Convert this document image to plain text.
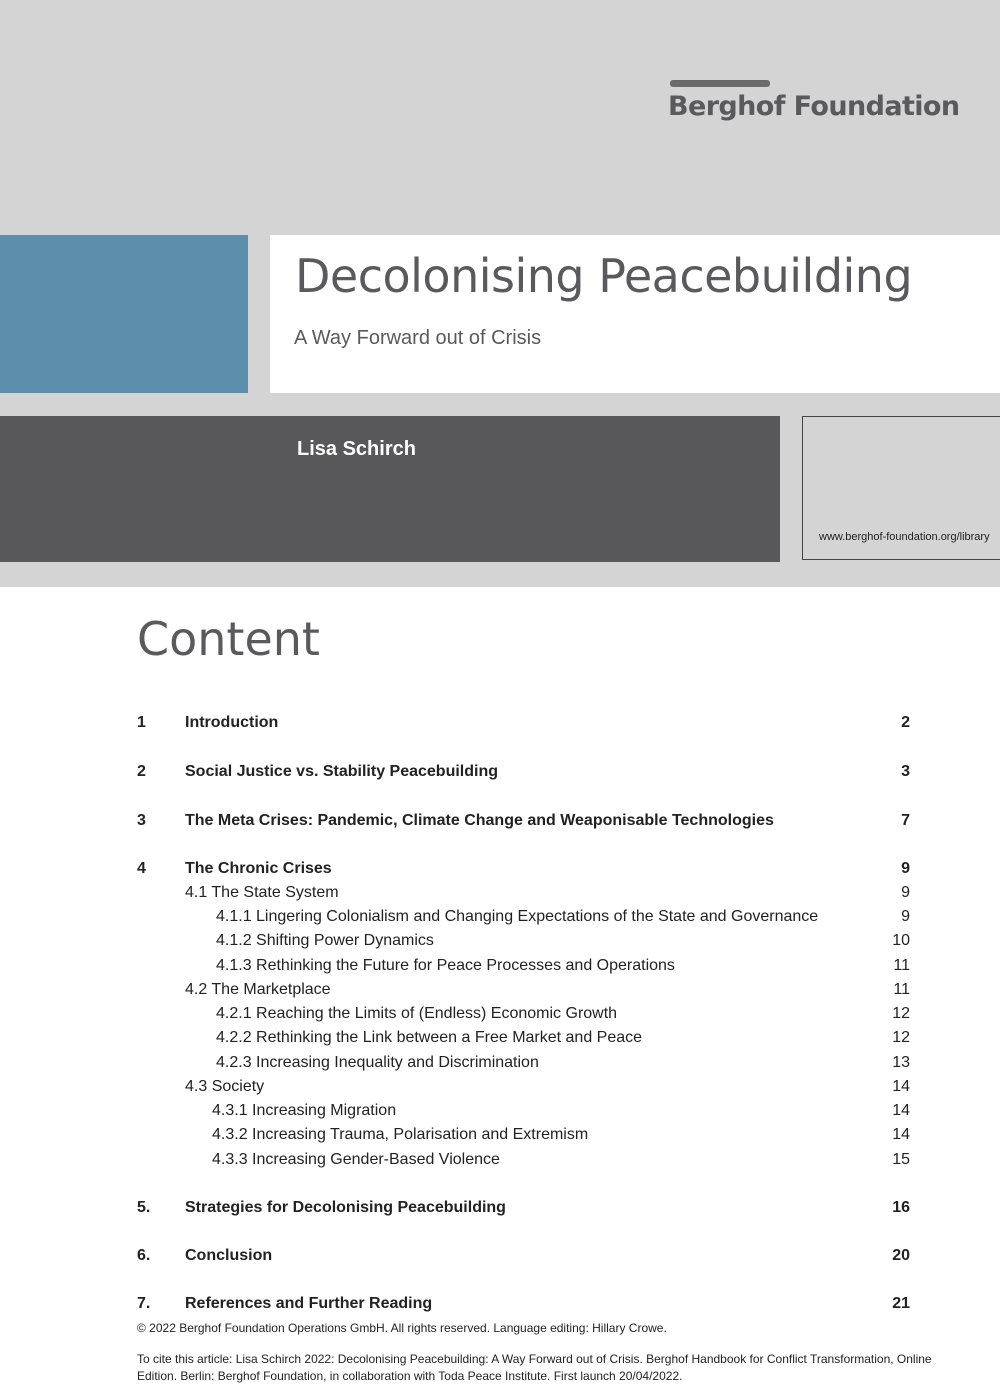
Berghof Foundation
Decolonising Peacebuilding
A Way Forward out of Crisis
Lisa Schirch
www.berghof-foundation.org/library
Content
1 Introduction	2
2 Social Justice vs. Stability Peacebuilding	3
3 The Meta Crises: Pandemic, Climate Change and Weaponisable Technologies	7
4 The Chronic Crises	9
4.1 The State System	9
4.1.1 Lingering Colonialism and Changing Expectations of the State and Governance	9
4.1.2 Shifting Power Dynamics	10
4.1.3 Rethinking the Future for Peace Processes and Operations	11
4.2 The Marketplace	11
4.2.1 Reaching the Limits of (Endless) Economic Growth	12
4.2.2 Rethinking the Link between a Free Market and Peace	12
4.2.3 Increasing Inequality and Discrimination	13
4.3 Society	14
4.3.1 Increasing Migration	14
4.3.2 Increasing Trauma, Polarisation and Extremism	14
4.3.3 Increasing Gender-Based Violence	15
5. Strategies for Decolonising Peacebuilding	16
6. Conclusion	20
7. References and Further Reading	21
© 2022 Berghof Foundation Operations GmbH. All rights reserved. Language editing: Hillary Crowe.
To cite this article: Lisa Schirch 2022: Decolonising Peacebuilding: A Way Forward out of Crisis. Berghof Handbook for Conflict Transformation, Online Edition. Berlin: Berghof Foundation, in collaboration with Toda Peace Institute. First launch 20/04/2022.
